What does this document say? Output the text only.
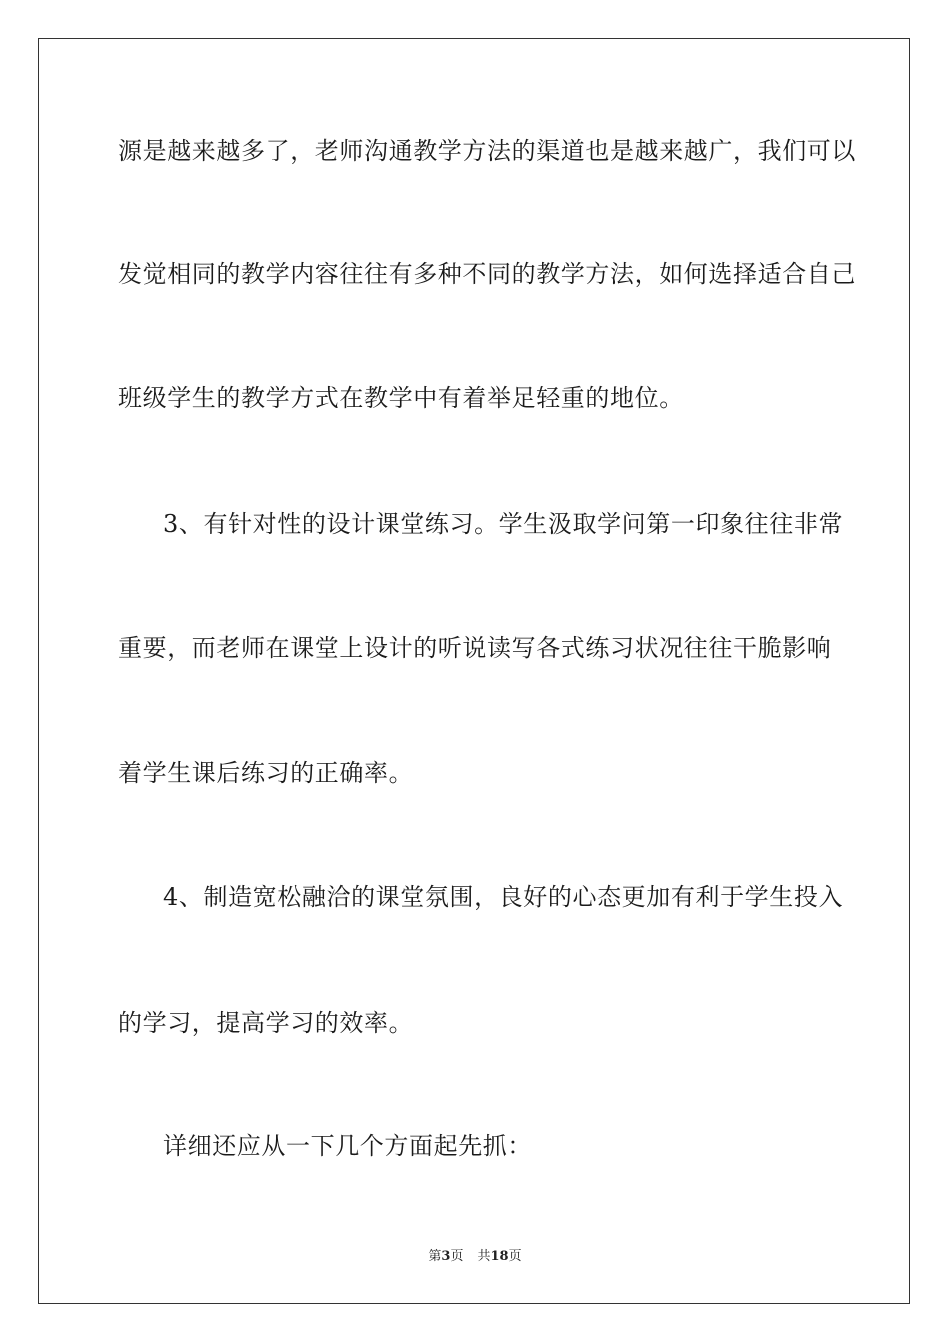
源是越来越多了，老师沟通教学方法的渠道也是越来越广，我们可以
发觉相同的教学内容往往有多种不同的教学方法，如何选择适合自己
班级学生的教学方式在教学中有着举足轻重的地位。
3、有针对性的设计课堂练习。学生汲取学问第一印象往往非常
重要，而老师在课堂上设计的听说读写各式练习状况往往干脆影响
着学生课后练习的正确率。
4、制造宽松融洽的课堂氛围，良好的心态更加有利于学生投入
的学习，提高学习的效率。
详细还应从一下几个方面起先抓：
第3页 共18页
